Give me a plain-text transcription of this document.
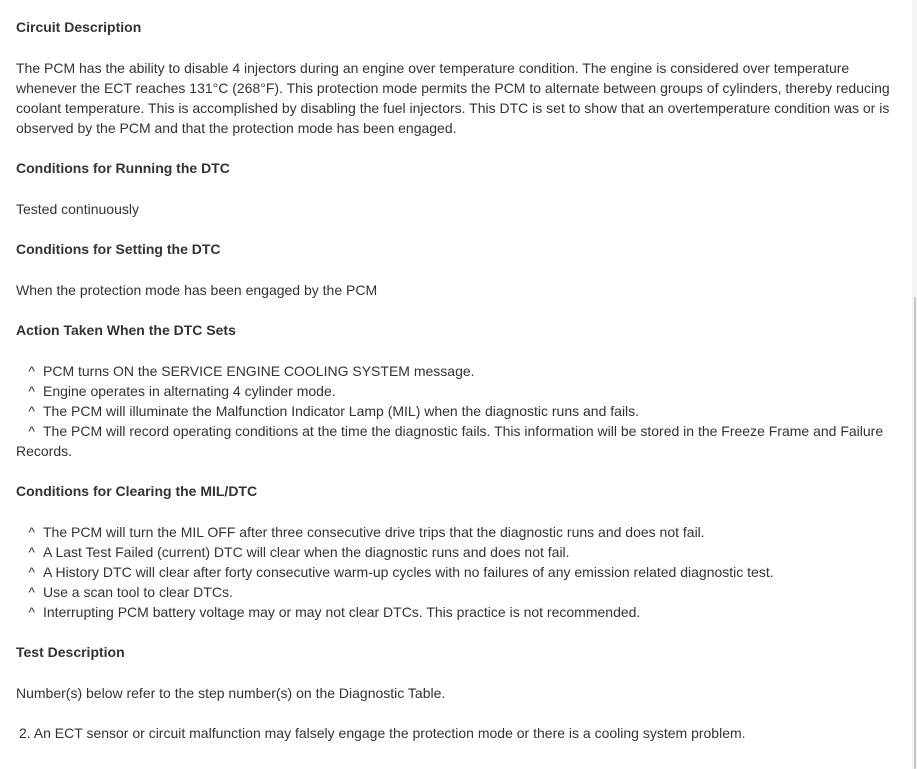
Circuit Description

The PCM has the ability to disable 4 injectors during an engine over temperature condition. The engine is considered over temperature whenever the ECT reaches 131°C (268°F). This protection mode permits the PCM to alternate between groups of cylinders, thereby reducing coolant temperature. This is accomplished by disabling the fuel injectors. This DTC is set to show that an overtemperature condition was or is observed by the PCM and that the protection mode has been engaged.

Conditions for Running the DTC

Tested continuously

Conditions for Setting the DTC

When the protection mode has been engaged by the PCM

Action Taken When the DTC Sets

^ PCM turns ON the SERVICE ENGINE COOLING SYSTEM message.
^ Engine operates in alternating 4 cylinder mode.
^ The PCM will illuminate the Malfunction Indicator Lamp (MIL) when the diagnostic runs and fails.
^ The PCM will record operating conditions at the time the diagnostic fails. This information will be stored in the Freeze Frame and Failure Records.

Conditions for Clearing the MIL/DTC

^ The PCM will turn the MIL OFF after three consecutive drive trips that the diagnostic runs and does not fail.
^ A Last Test Failed (current) DTC will clear when the diagnostic runs and does not fail.
^ A History DTC will clear after forty consecutive warm-up cycles with no failures of any emission related diagnostic test.
^ Use a scan tool to clear DTCs.
^ Interrupting PCM battery voltage may or may not clear DTCs. This practice is not recommended.

Test Description

Number(s) below refer to the step number(s) on the Diagnostic Table.

2. An ECT sensor or circuit malfunction may falsely engage the protection mode or there is a cooling system problem.
